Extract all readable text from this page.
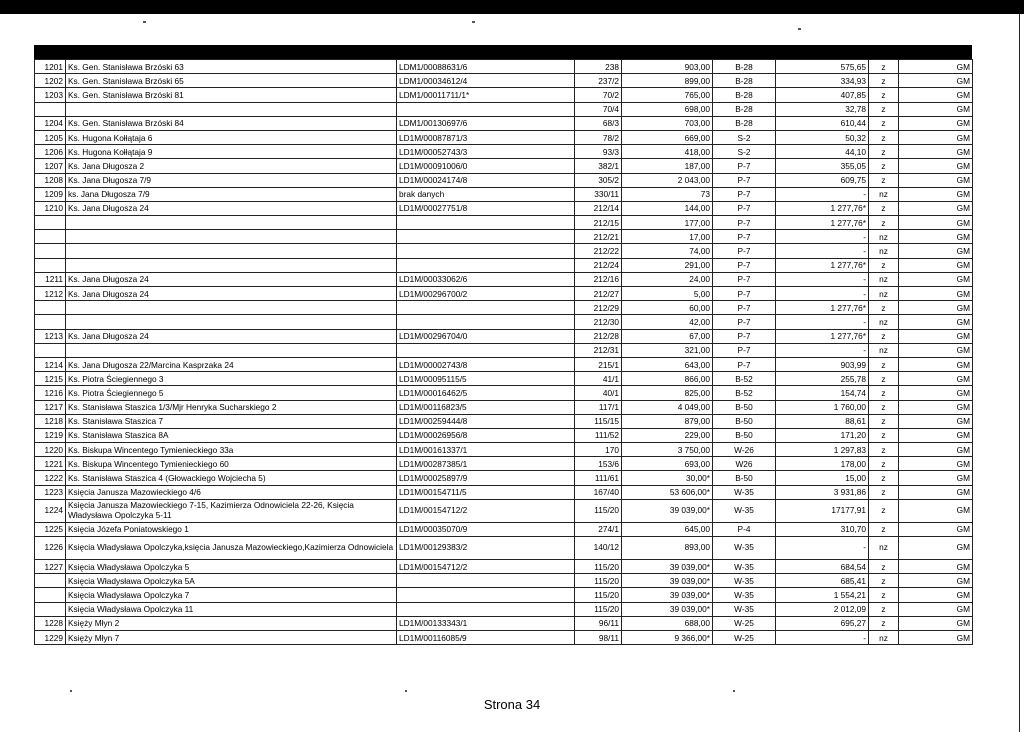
1201	Ks. Gen. Stanisława Brzóski 63	LDM1/00088631/6	238	903,00	B-28	575,65	z	GM
1202	Ks. Gen. Stanisława Brzóski 65	LDM1/00034612/4	237/2	899,00	B-28	334,93	z	GM
1203	Ks. Gen. Stanisława Brzóski 81	LDM1/00011711/1*	70/2	765,00	B-28	407,85	z	GM
			70/4	698,00	B-28	32,78	z	GM
1204	Ks. Gen. Stanisława Brzóski 84	LDM1/00130697/6	68/3	703,00	B-28	610,44	z	GM
1205	Ks. Hugona Kołłątaja 6	LD1M/00087871/3	78/2	669,00	S-2	50,32	z	GM
1206	Ks. Hugona Kołłątaja 9	LD1M/00052743/3	93/3	418,00	S-2	44,10	z	GM
1207	Ks. Jana Długosza 2	LD1M/00091006/0	382/1	187,00	P-7	355,05	z	GM
1208	Ks. Jana Długosza 7/9	LD1M/00024174/8	305/2	2 043,00	P-7	609,75	z	GM
1209	ks. Jana Długosza 7/9	brak danych	330/11	73	P-7	-	nz	GM
1210	Ks. Jana Długosza 24	LD1M/00027751/8	212/14	144,00	P-7	1 277,76*	z	GM
			212/15	177,00	P-7	1 277,76*	z	GM
			212/21	17,00	P-7	-	nz	GM
			212/22	74,00	P-7	-	nz	GM
			212/24	291,00	P-7	1 277,76*	z	GM
1211	Ks. Jana Długosza 24	LD1M/00033062/6	212/16	24,00	P-7	-	nz	GM
1212	Ks. Jana Długosza 24	LD1M/00296700/2	212/27	5,00	P-7	-	nz	GM
			212/29	60,00	P-7	1 277,76*	z	GM
			212/30	42,00	P-7	-	nz	GM
1213	Ks. Jana Długosza 24	LD1M/00296704/0	212/28	67,00	P-7	1 277,76*	z	GM
			212/31	321,00	P-7	-	nz	GM
1214	Ks. Jana Długosza 22/Marcina Kasprzaka 24	LD1M/00002743/8	215/1	643,00	P-7	903,99	z	GM
1215	Ks. Piotra Ściegiennego 3	LD1M/00095115/5	41/1	866,00	B-52	255,78	z	GM
1216	Ks. Piotra Ściegiennego 5	LD1M/00016462/5	40/1	825,00	B-52	154,74	z	GM
1217	Ks. Stanisława Staszica 1/3/Mjr Henryka Sucharskiego 2	LD1M/00116823/5	117/1	4 049,00	B-50	1 760,00	z	GM
1218	Ks. Stanisława Staszica 7	LD1M/00259444/8	115/15	879,00	B-50	88,61	z	GM
1219	Ks. Stanisława Staszica 8A	LD1M/00026956/8	111/52	229,00	B-50	171,20	z	GM
1220	Ks. Biskupa Wincentego Tymienieckiego 33a	LD1M/00161337/1	170	3 750,00	W-26	1 297,83	z	GM
1221	Ks. Biskupa Wincentego Tymienieckiego 60	LD1M/00287385/1	153/6	693,00	W26	178,00	z	GM
1222	Ks. Stanisława Staszica 4 (Głowackiego Wojciecha 5)	LD1M/00025897/9	111/61	30,00*	B-50	15,00	z	GM
1223	Księcia Janusza Mazowieckiego 4/6	LD1M/00154711/5	167/40	53 606,00*	W-35	3 931,86	z	GM
1224	Księcia Janusza Mazowieckiego 7-15, Kazimierza Odnowiciela 22-26, Księcia Władysława Opolczyka 5-11	LD1M/00154712/2	115/20	39 039,00*	W-35	17177,91	z	GM
1225	Księcia Józefa Poniatowskiego 1	LD1M/00035070/9	274/1	645,00	P-4	310,70	z	GM
1226	Księcia Władysława Opolczyka,księcia Janusza Mazowieckiego,Kazimierza Odnowiciela	LD1M/00129383/2	140/12	893,00	W-35	-	nz	GM
1227	Księcia Władysława Opolczyka 5	LD1M/00154712/2	115/20	39 039,00*	W-35	684,54	z	GM
	Księcia Władysława Opolczyka 5A		115/20	39 039,00*	W-35	685,41	z	GM
	Księcia Władysława Opolczyka 7		115/20	39 039,00*	W-35	1 554,21	z	GM
	Księcia Władysława Opolczyka 11		115/20	39 039,00*	W-35	2 012,09	z	GM
1228	Księży Młyn 2	LD1M/00133343/1	96/11	688,00	W-25	695,27	z	GM
1229	Księży Młyn 7	LD1M/00116085/9	98/11	9 366,00*	W-25	-	nz	GM
Strona 34
